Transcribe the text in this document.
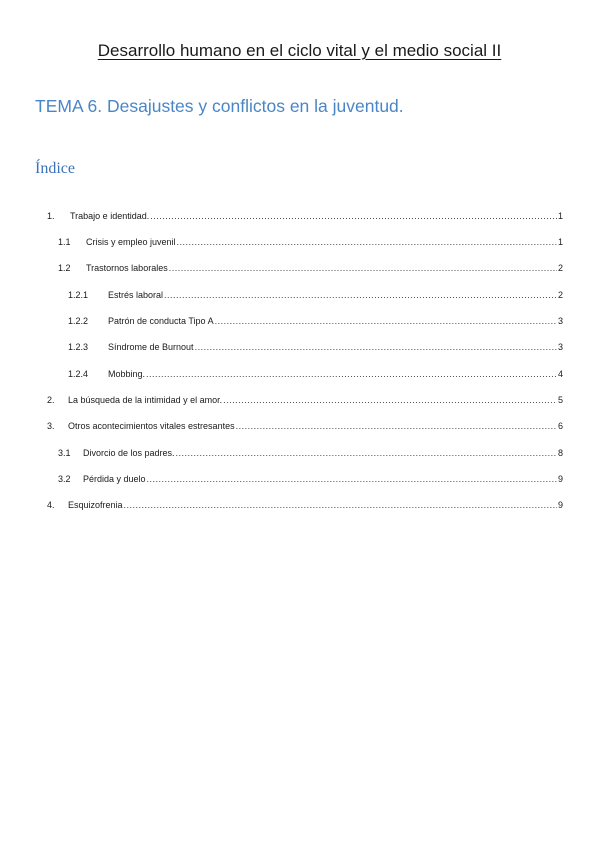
Desarrollo humano en el ciclo vital y el medio social II
TEMA 6. Desajustes y conflictos en la juventud.
Índice
1.	Trabajo e identidad. .....	1
1.1	Crisis y empleo juvenil .....	1
1.2	Trastornos laborales .....	2
1.2.1	Estrés laboral .....	2
1.2.2	Patrón de conducta Tipo A .....	3
1.2.3	Síndrome de Burnout .....	3
1.2.4	Mobbing. .....	4
2.	La búsqueda de la intimidad y el amor. .....	5
3.	Otros acontecimientos vitales estresantes .....	6
3.1	Divorcio de los padres. .....	8
3.2	Pérdida y duelo .....	9
4.	Esquizofrenia .....	9
